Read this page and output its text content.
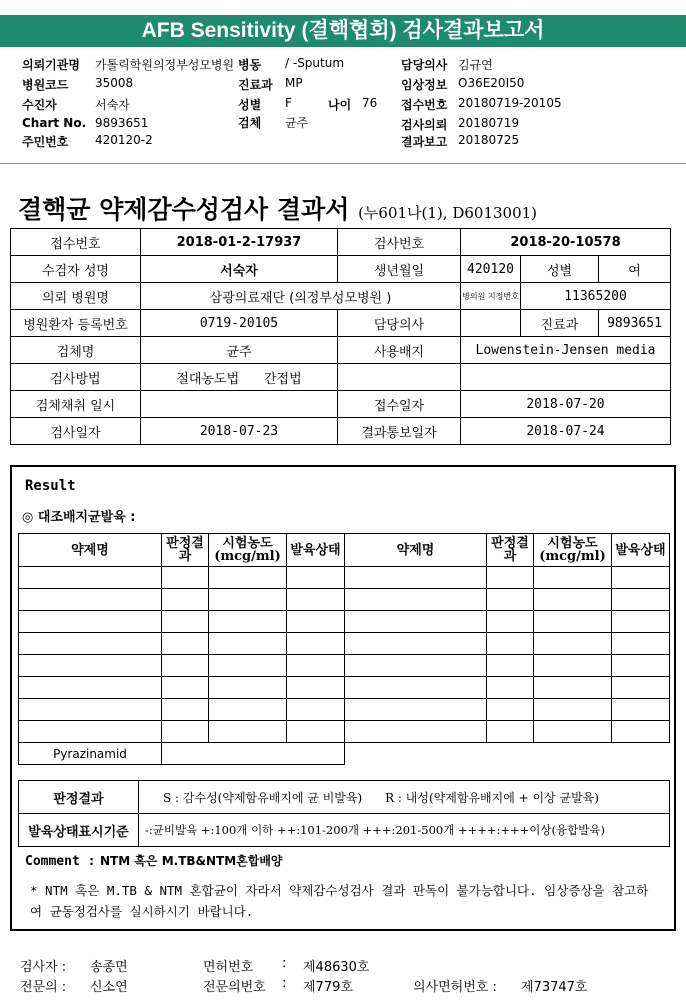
AFB Sensitivity (결핵협회) 검사결과보고서
의뢰기관명 가톨릭학원의정부성모병원
병원코드 35008
수진자	서숙자
Chart No. 9893651
주민번호 420120-2
병동 / -Sputum
진료과 MP
성별 F	나이 76
검체 균주
담당의사 김규연
임상정보 O36E20I50
접수번호 20180719-20105
검사의뢰 20180719
결과보고 20180725
결핵균 약제감수성검사 결과서 (누601나(1), D6013001)
접수번호	2018-01-2-17937	검사번호	2018-20-10578		
수검자 성명	서숙자	생년월일	420120	성별	여
의뢰 병원명	삼광의료재단 (의정부성모병원 )		병의원 지정번호	11365200	
병원환자 등록번호	0719-20105	담당의사		진료과	9893651
검체명	균주	사용배지	Lowenstein-Jensen media		
검사방법	절대농도법 간접법				
검체채취 일시		접수일자	2018-07-20		
검사일자	2018-07-23	결과통보일자	2018-07-24		
Result
◎ 대조배지균발육 :
약제명	판정결과	시험농도(mcg/ml)	발육상태	약제명	판정결과	시험농도(mcg/ml)	발육상태

Pyrazinamid							
판정결과	S : 감수성(약제함유배지에 균 비발육) R : 내성(약제함유배지에 + 이상 균발육)
발육상태표시기준	-:균비발육 +:100개 이하 ++:101-200개 +++:201-500개 ++++:+++이상(융합발육)
Comment : NTM 혹은 M.TB&NTM혼합배양
* NTM 혹은 M.TB & NTM 혼합균이 자라서 약제감수성검사 결과 판독이 불가능합니다. 임상증상을 참고하여 균동정검사를 실시하시기 바랍니다.
검사자 : 송종면	면허번호 : 제48630호
전문의 : 신소연	전문의번호 : 제779호	의사면허번호 : 제73747호
